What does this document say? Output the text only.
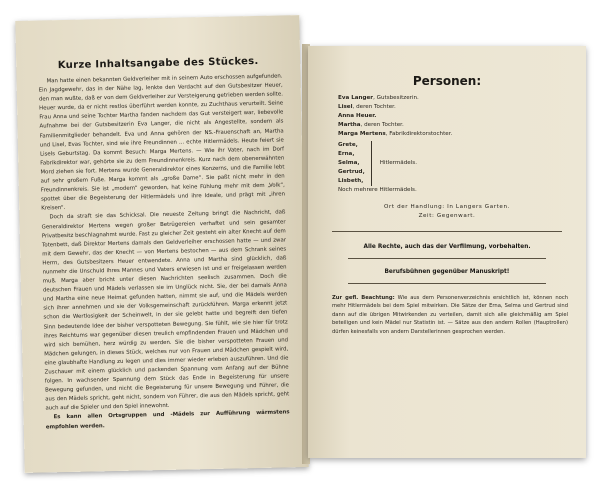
Kurze Inhaltsangabe des Stückes.

Man hatte einen bekannten Geldverleiher mit in seinem Auto erschossen aufgefunden. Ein Jagdgewehr, das in der Nähe lag, lenkte den Verdacht auf den Gutsbesitzer Heuer, den man wußte, daß er von dem Geldverleiher zur Versteigerung getrieben werden sollte. Heuer wurde, da er nicht restlos überführt werden konnte, zu Zuchthaus verurteilt. Seine Frau Anna und seine Tochter Martha fanden nachdem das Gut versteigert war, liebevolle Aufnahme bei der Gutsbesitzerin Eva Langer, die nicht als Angestellte, sondern als Familienmitglieder behandelt. Eva und Anna gehören der NS.-Frauenschaft an, Martha und Lisel, Evas Tochter, sind wie ihre Freundinnen ... echte Hitlermädels. Heute feiert sie Lisels Geburtstag. Da kommt Besuch: Marga Mertens. — Wie ihr Vater, nach im Dorf Fabrikdirektor war, gehörte sie zu dem Freundinnenkreis. Kurz nach dem obenerwähnten Mord ziehen sie fort. Mertens wurde Generaldirektor eines Konzerns, und die Familie lebt auf sehr großem Fuße. Marga kommt als „große Dame“. Sie paßt nicht mehr in den Freundinnenkreis. Sie ist „modern“ geworden, hat keine Fühlung mehr mit dem „Volk“, spottet über die Begeisterung der Hitlermädels und ihre Ideale, und prägt mit „ihren Kreisen“.

Doch da straft sie das Schicksal. Die neueste Zeitung bringt die Nachricht, daß Generaldirektor Mertens wegen großer Betrügereien verhaftet und sein gesamter Privatbesitz beschlagnahmt wurde. Fast zu gleicher Zeit gesteht ein alter Knecht auf dem Totenbett, daß Direktor Mertens damals den Geldverleiher erschossen hatte — und zwar mit dem Gewehr, das der Knecht — von Mertens bestochen — aus dem Schrank seines Herrn, des Gutsbesitzers Heuer entwendete. Anna und Martha sind glücklich, daß nunmehr die Unschuld ihres Mannes und Vaters erwiesen ist und er freigelassen werden muß. Marga aber bricht unter diesen Nachrichten seelisch zusammen. Doch die deutschen Frauen und Mädels verlassen sie im Unglück nicht. Sie, der bei damals Anna und Martha eine neue Heimat gefunden hatten, nimmt sie auf, und die Mädels werden sich ihrer annehmen und sie der Volksgemeinschaft zurückführen. Marga erkennt jetzt schon die Wertlosigkeit der Scheinwelt, in der sie gelebt hatte und begreift den tiefen Sinn bedeutende Idee der bisher verspotteten Bewegung. Sie fühlt, wie sie hier für trotz ihres Reichtums war gegenüber diesen treulich empfindenden Frauen und Mädchen und wird sich bemühen, herz würdig zu werden. Sie die bisher verspotteten Frauen und Mädchen gelungen, in dieses Stück, welches nur von Frauen und Mädchen gespielt wird, eine glaubhafte Handlung zu legen und dies immer wieder erleben auszuführen. Und die Zuschauer mit einem glücklich und packenden Spannung vom Anfang auf der Bühne folgen. In wachsender Spannung dem Stück das Ende in Begeisterung für unsere Bewegung gefunden, und nicht die Begeisterung für unsere Bewegung und Führer, die aus den Mädels spricht, geht nicht, sondern von Führer, die aus den Mädels spricht, geht auch auf die Spieler und den Spiel innewohnt.

Es kann allen Ortsgruppen und -Mädels zur Aufführung wärmstens empfohlen werden.

Personen:
Eva Langer , Gutsbesitzerin.
Lisel , deren Tochter.
Anna Heuer.
Martha , deren Tochter.
Marga Mertens , Fabrikdirektorstochter.
Grete,
Erna,
Selma,
Gertrud,
Lisbeth,
Hitlermädels.
Noch mehrere Hitlermädels.
Ort der Handlung: In Langers Garten.
Zeit: Gegenwart.
Alle Rechte, auch das der Verfilmung, vorbehalten.
Berufsbühnen gegenüber Manuskript!
Zur gefl. Beachtung: Wie aus dem Personenverzeichnis ersichtlich ist, können noch mehr Hitlermädels bei dem Spiel mitwirken. Die Sätze der Erna, Selma und Gertrud sind dann auf die übrigen Mitwirkenden zu verteilen, damit sich alle gleichmäßig am Spiel beteiligen und kein Mädel nur Statistin ist. — Sätze aus den andern Rollen (Hauptrollen) dürfen keinesfalls von andern Darstellerinnen gesprochen werden.
